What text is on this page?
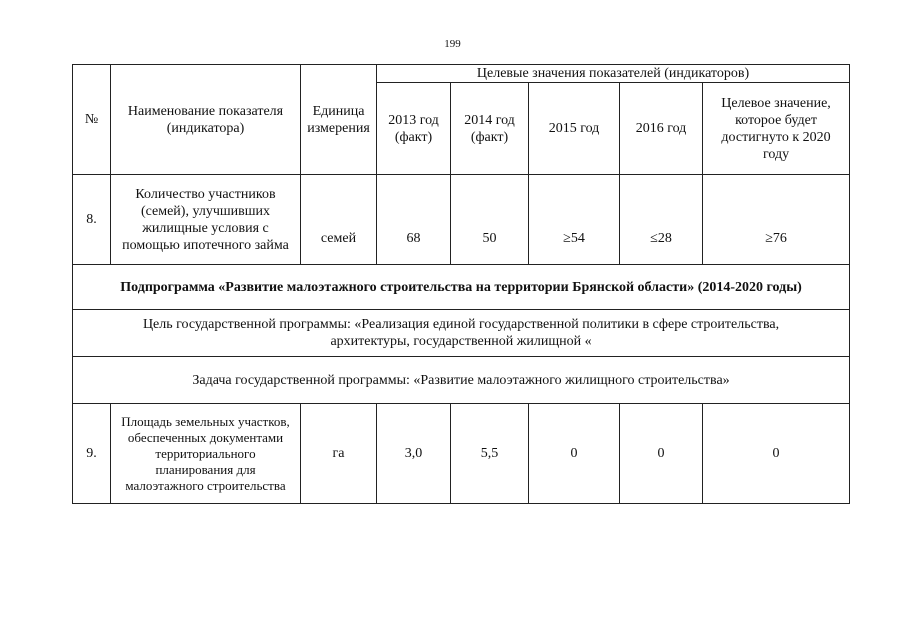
199
№	Наименование показателя (индикатора)	Единица измерения	Целевые значения показателей (индикаторов)				
			2013 год (факт)	2014 год (факт)	2015 год	2016 год	Целевое значение, которое будет достигнуто к 2020 году
8.	Количество участников (семей), улучшивших жилищные условия с помощью ипотечного займа	семей	68	50	≥54	≤28	≥76
Подпрограмма «Развитие малоэтажного строительства на территории Брянской области» (2014-2020 годы)							
Цель государственной программы: «Реализация единой государственной политики в сфере строительства, архитектуры, государственной жилищной «							
Задача государственной программы: «Развитие малоэтажного жилищного строительства»							
9.	Площадь земельных участков, обеспеченных документами территориального планирования для малоэтажного строительства	га	3,0	5,5	0	0	0
